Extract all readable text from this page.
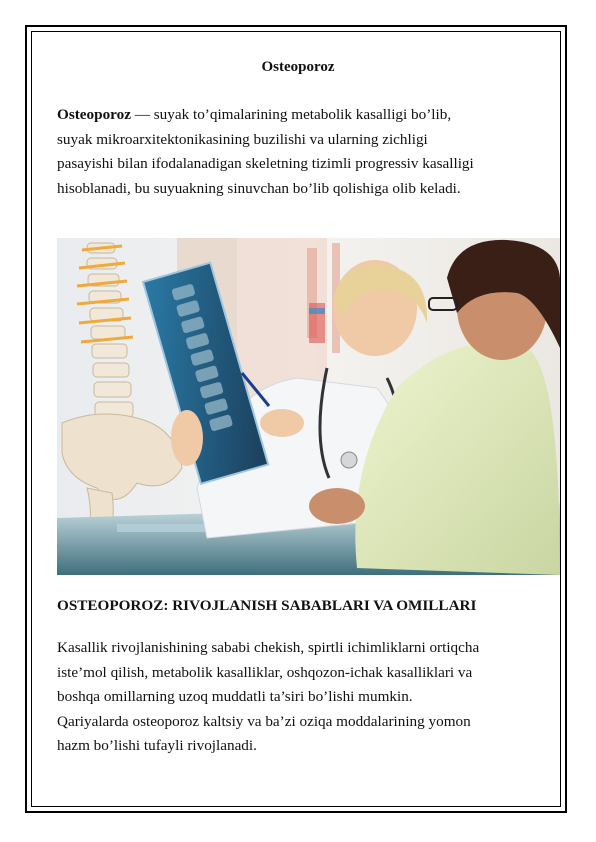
Osteoporoz
Osteoporoz — suyak to’qimalarining metabolik kasalligi bo’lib,
suyak mikroarxitektonikasining buzilishi va ularning zichligi
pasayishi bilan ifodalanadigan skeletning tizimli progressiv kasalligi
hisoblanadi, bu suyuakning sinuvchan bo’lib qolishiga olib keladi.
OSTEOPOROZ: RIVOJLANISH SABABLARI VA OMILLARI
Kasallik rivojlanishining sababi chekish, spirtli ichimliklarni ortiqcha
iste’mol qilish, metabolik kasalliklar, oshqozon-ichak kasalliklari va
boshqa omillarning uzoq muddatli ta’siri bo’lishi mumkin.
Qariyalarda osteoporoz kaltsiy va ba’zi oziqa moddalarining yomon
hazm bo’lishi tufayli rivojlanadi.
